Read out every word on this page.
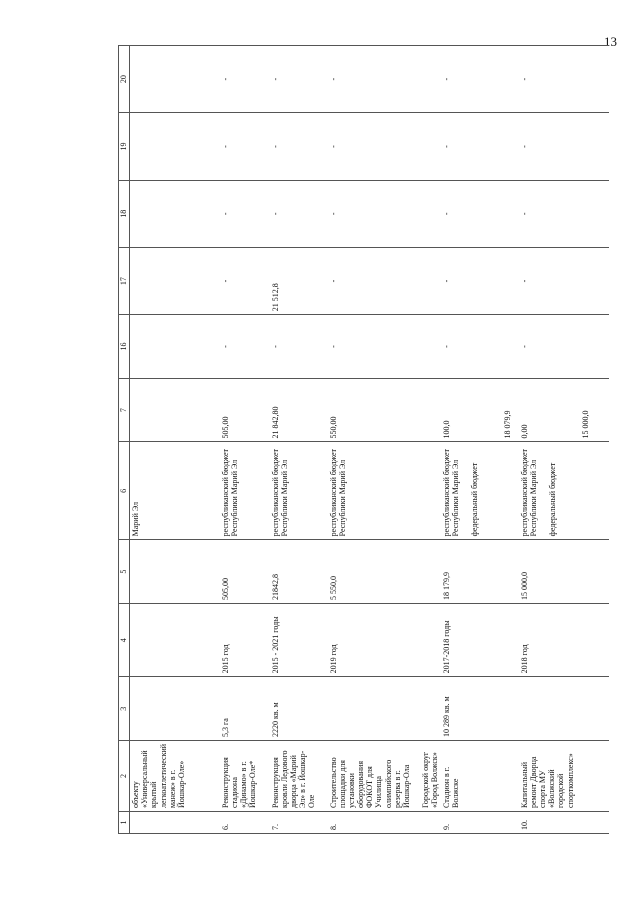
13
1	2	3	4	5	6	7	16	17	18	19	20
	объекту «Универсальный крытый легкоатлетический манеж» в г. Йошкар-Оле»				Марий Эл						
6.	Реконструкция стадиона «Динамо» в г. Йошкар-Оле*	5,3 га	2015 год	505,00	республиканский бюджет Республики Марий Эл	505,00	-	-	-	-	-
7.	Реконструкция кровли Ледового дворца «Марий Эл» в г. Йошкар-Оле	2220 кв. м	2015 - 2021 годы	21842,8	республиканский бюджет Республики Марий Эл	21 842,80	-	21 512,8	-	-	-
8.	Строительство площадки для установки оборудования ФОКОТ для Училища олимпийского резерва в г. Йошкар-Ола Городской округ «Город Волжск»		2019 год	5 550,0	республиканский бюджет Республики Марий Эл	550,00	-	-	-	-	-
9.	Стадион в г. Волжске	10 289 кв. м	2017-2018 годы	18 179,9	республиканский бюджет Республики Марий Эл федеральный бюджет	100,0 18 079,9	-	-	-	-	-
10.	Капитальный ремонт Дворца спорта МУ «Волжский городской спорткомплекс»		2018 год	15 000,0	республиканский бюджет Республики Марий Эл федеральный бюджет	0,00 15 000,0	-	-	-	-	-
